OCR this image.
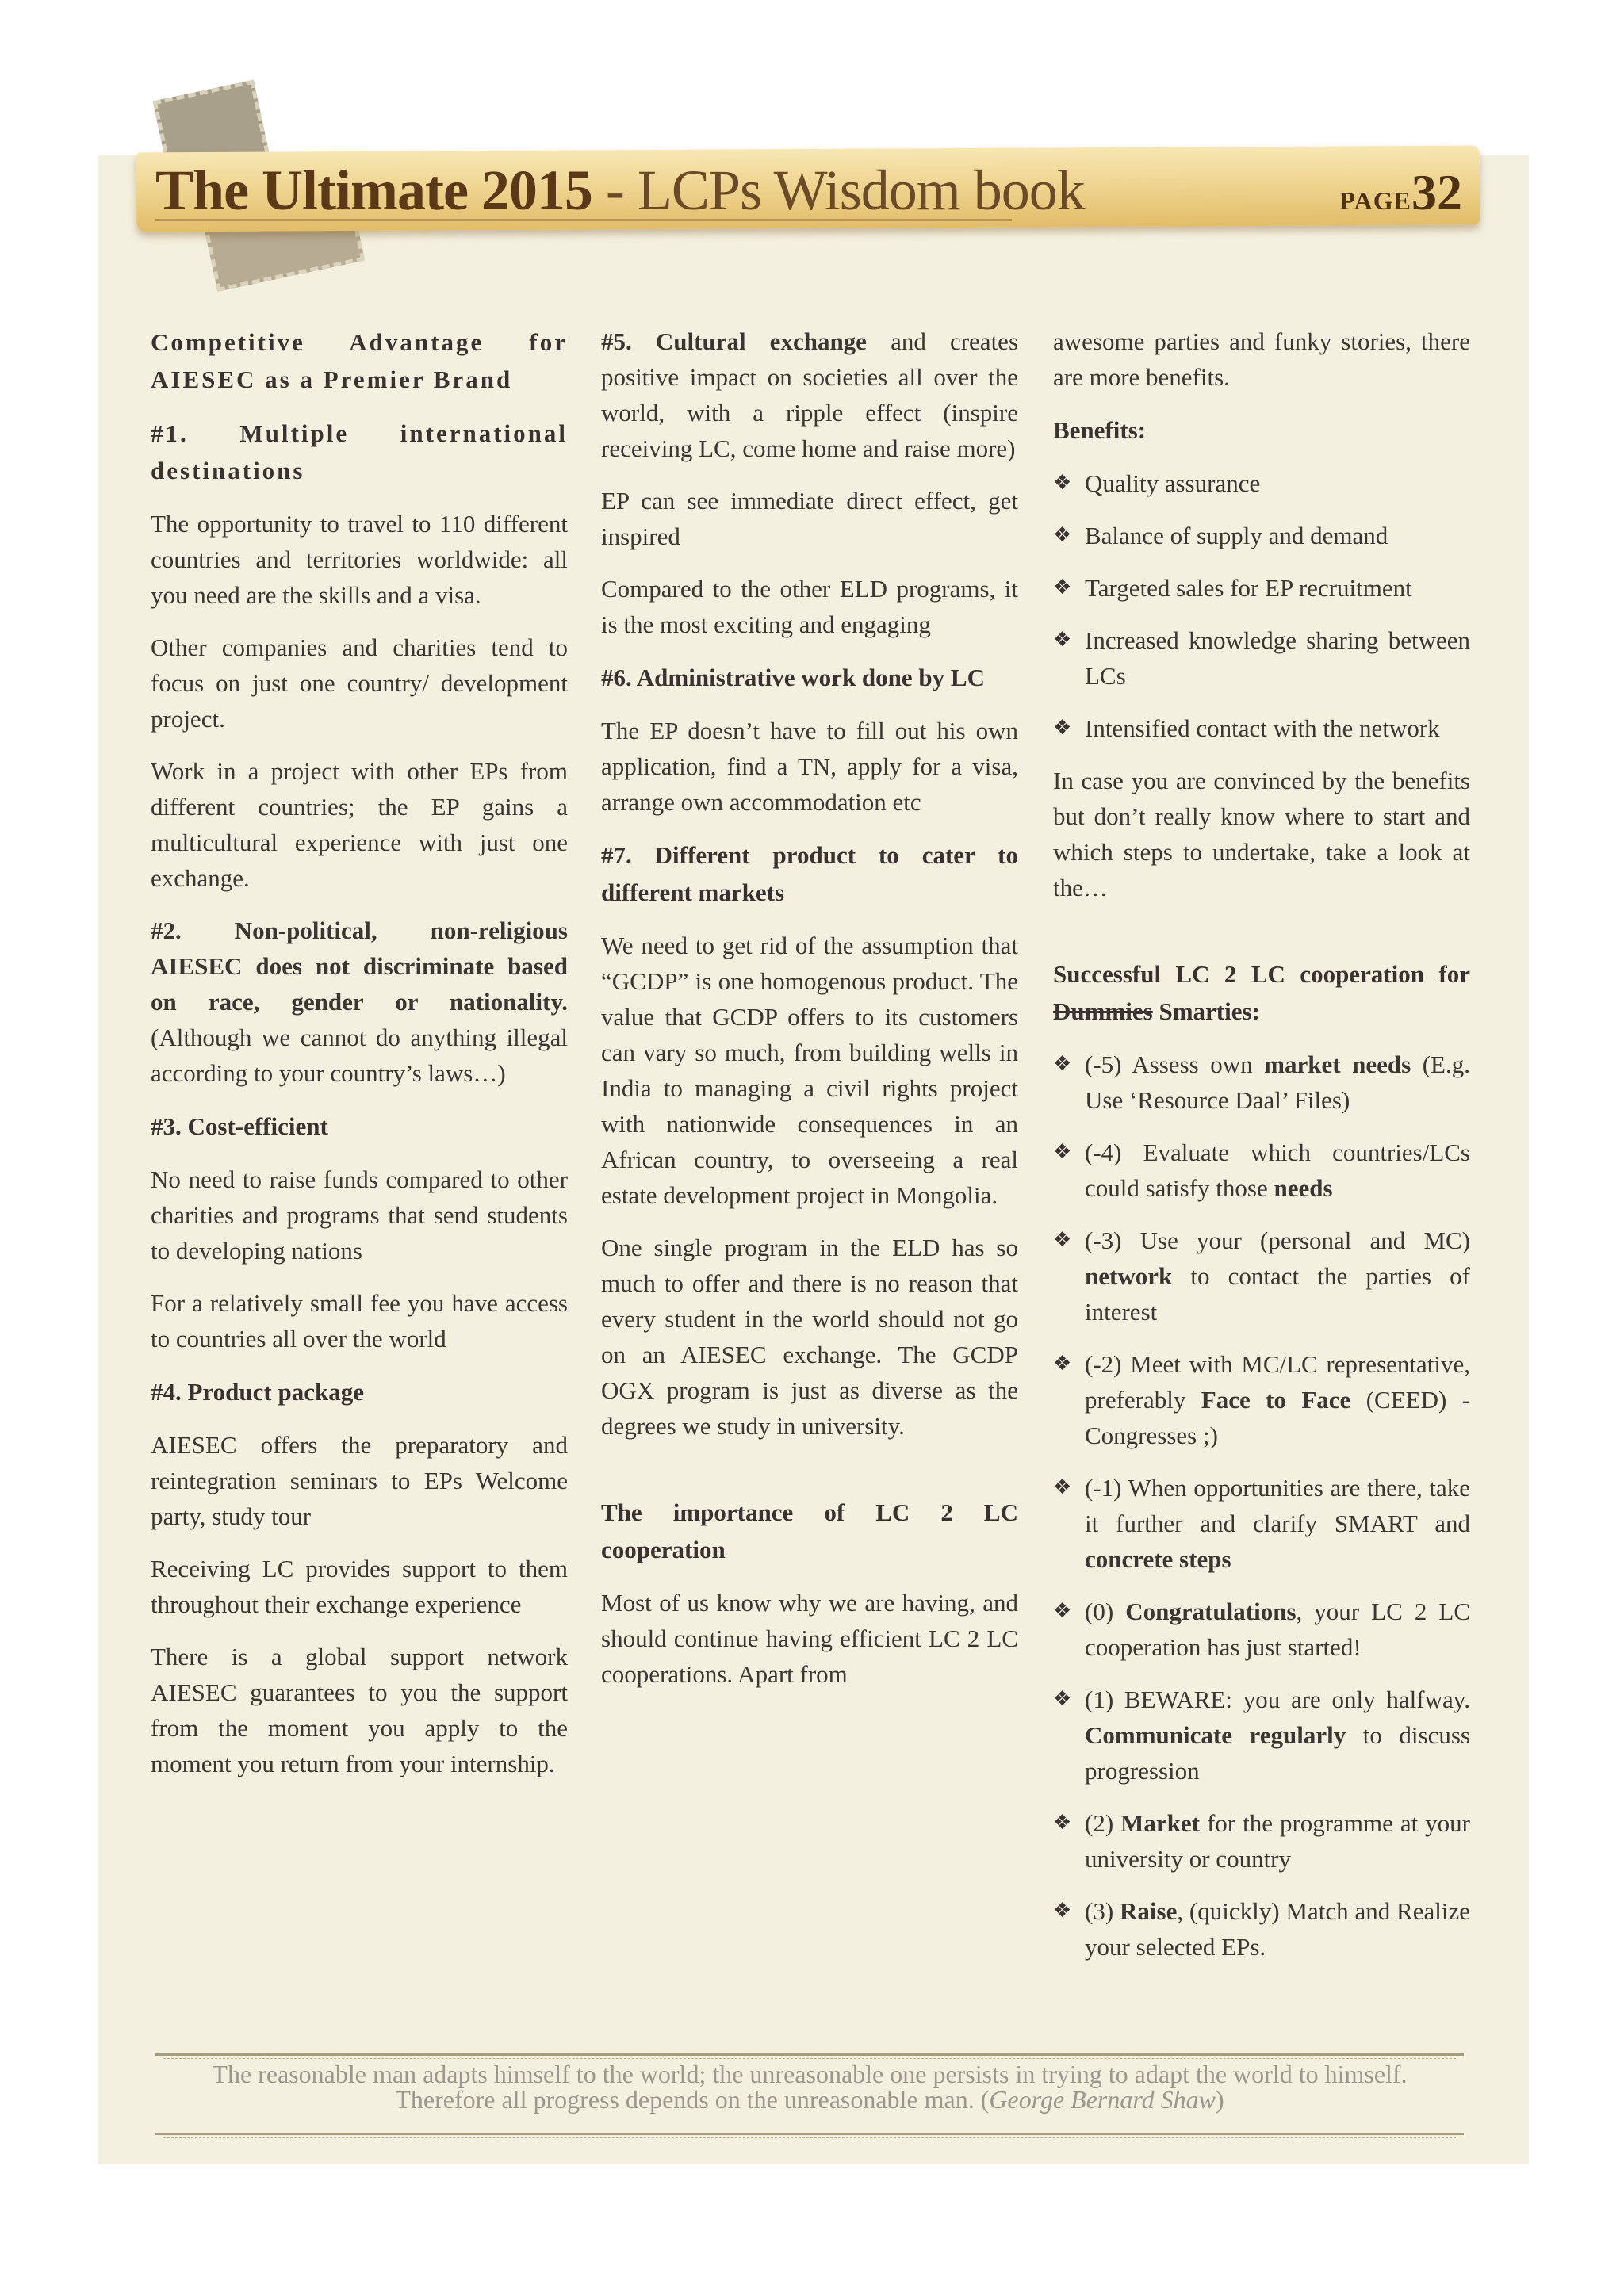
The Ultimate 2015 - LCPs Wisdom book	PAGE32
Competitive Advantage for AIESEC as a Premier Brand
#1. Multiple international destinations

The opportunity to travel to 110 different countries and territories worldwide: all you need are the skills and a visa.

Other companies and charities tend to focus on just one country/ development project.

Work in a project with other EPs from different countries; the EP gains a multicultural experience with just one exchange.

#2. Non-political, non-religious AIESEC does not discriminate based on race, gender or nationality. (Although we cannot do anything illegal according to your country’s laws…)

#3. Cost-efficient

No need to raise funds compared to other charities and programs that send students to developing nations

For a relatively small fee you have access to countries all over the world

#4. Product package

AIESEC offers the preparatory and reintegration seminars to EPs Welcome party, study tour

Receiving LC provides support to them throughout their exchange experience

There is a global support network AIESEC guarantees to you the support from the moment you apply to the moment you return from your internship.

#5. Cultural exchange and creates positive impact on societies all over the world, with a ripple effect (inspire receiving LC, come home and raise more)

EP can see immediate direct effect, get inspired

Compared to the other ELD programs, it is the most exciting and engaging

#6. Administrative work done by LC

The EP doesn’t have to fill out his own application, find a TN, apply for a visa, arrange own accommodation etc

#7. Different product to cater to different markets

We need to get rid of the assumption that “GCDP” is one homogenous product. The value that GCDP offers to its customers can vary so much, from building wells in India to managing a civil rights project with nationwide consequences in an African country, to overseeing a real estate development project in Mongolia.

One single program in the ELD has so much to offer and there is no reason that every student in the world should not go on an AIESEC exchange. The GCDP OGX program is just as diverse as the degrees we study in university.

The importance of LC 2 LC cooperation

Most of us know why we are having, and should continue having efficient LC 2 LC cooperations. Apart from

awesome parties and funky stories, there are more benefits.

Benefits:
❖ Quality assurance
❖ Balance of supply and demand
❖ Targeted sales for EP recruitment
❖ Increased knowledge sharing between LCs
❖ Intensified contact with the network

In case you are convinced by the benefits but don’t really know where to start and which steps to undertake, take a look at the…

Successful LC 2 LC cooperation for Dummies Smarties:
❖ (-5) Assess own market needs (E.g. Use ‘Resource Daal’ Files)
❖ (-4) Evaluate which countries/LCs could satisfy those needs
❖ (-3) Use your (personal and MC) network to contact the parties of interest
❖ (-2) Meet with MC/LC representative, preferably Face to Face (CEED) - Congresses ;)
❖ (-1) When opportunities are there, take it further and clarify SMART and concrete steps
❖ (0) Congratulations, your LC 2 LC cooperation has just started!
❖ (1) BEWARE: you are only halfway. Communicate regularly to discuss progression
❖ (2) Market for the programme at your university or country
❖ (3) Raise, (quickly) Match and Realize your selected EPs.
The reasonable man adapts himself to the world; the unreasonable one persists in trying to adapt the world to himself.
Therefore all progress depends on the unreasonable man. (George Bernard Shaw)
